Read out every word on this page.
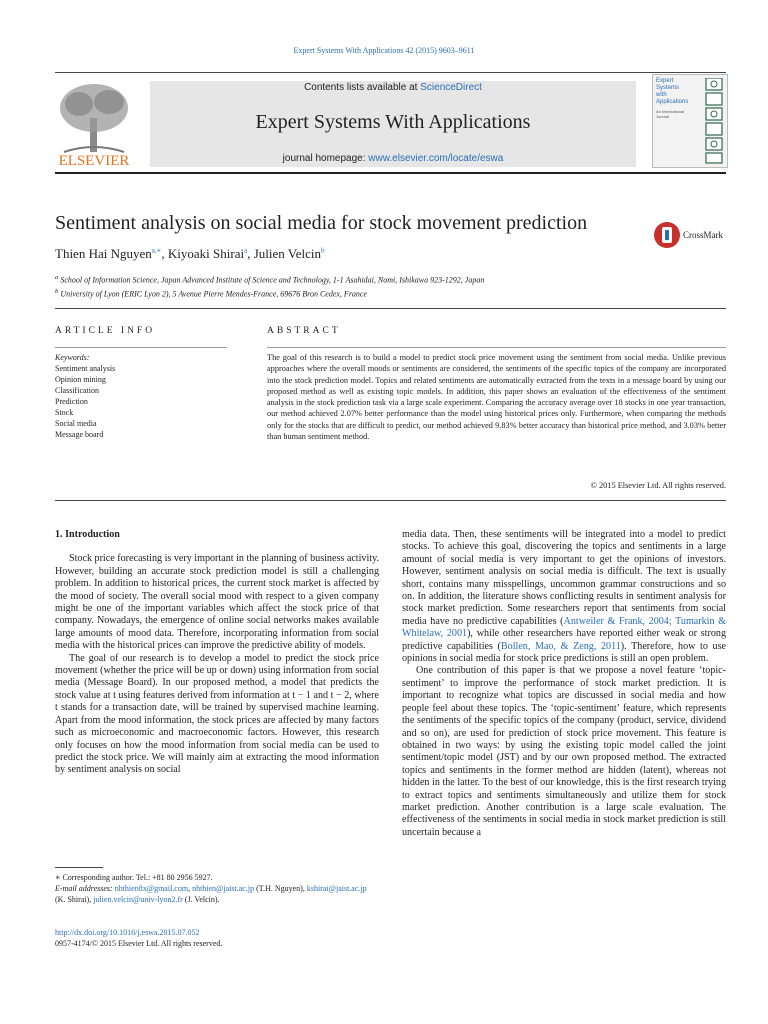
Expert Systems With Applications 42 (2015) 9603–9611
ELSEVIER
Contents lists available at ScienceDirect
Expert Systems With Applications
journal homepage: www.elsevier.com/locate/eswa
Expert
Systems
with
Applications
An International Journal
Sentiment analysis on social media for stock movement prediction
CrossMark
Thien Hai Nguyen$^{a,∗}$, Kiyoaki Shirai$^a$, Julien Velcin$^b$
$^a$ School of Information Science, Japan Advanced Institute of Science and Technology, 1-1 Asahidai, Nomi, Ishikawa 923-1292, Japan
$^b$ University of Lyon (ERIC Lyon 2), 5 Avenue Pierre Mendes-France, 69676 Bron Cedex, France
ARTICLE INFO	ABSTRACT
Keywords:
Sentiment analysis
Opinion mining
Classification
Prediction
Stock
Social media
Message board
The goal of this research is to build a model to predict stock price movement using the sentiment from social media. Unlike previous approaches where the overall moods or sentiments are considered, the sentiments of the specific topics of the company are incorporated into the stock prediction model. Topics and related sentiments are automatically extracted from the texts in a message board by using our proposed method as well as existing topic models. In addition, this paper shows an evaluation of the effectiveness of the sentiment analysis in the stock prediction task via a large scale experiment. Comparing the accuracy average over 18 stocks in one year transaction, our method achieved 2.07% better performance than the model using historical prices only. Furthermore, when comparing the methods only for the stocks that are difficult to predict, our method achieved 9.83% better accuracy than historical price method, and 3.03% better than human sentiment method.
© 2015 Elsevier Ltd. All rights reserved.

1. Introduction

Stock price forecasting is very important in the planning of business activity. However, building an accurate stock prediction model is still a challenging problem. In addition to historical prices, the current stock market is affected by the mood of society. The overall social mood with respect to a given company might be one of the important variables which affect the stock price of that company. Nowadays, the emergence of online social networks makes available large amounts of mood data. Therefore, incorporating information from social media with the historical prices can improve the predictive ability of models.

The goal of our research is to develop a model to predict the stock price movement (whether the price will be up or down) using information from social media (Message Board). In our proposed method, a model that predicts the stock value at t using features derived from information at t − 1 and t − 2, where t stands for a transaction date, will be trained by supervised machine learning. Apart from the mood information, the stock prices are affected by many factors such as microeconomic and macroeconomic factors. However, this research only focuses on how the mood information from social media can be used to predict the stock price. We will mainly aim at extracting the mood information by sentiment analysis on social

media data. Then, these sentiments will be integrated into a model to predict stocks. To achieve this goal, discovering the topics and sentiments in a large amount of social media is very important to get the opinions of investors. However, sentiment analysis on social media is difficult. The text is usually short, contains many misspellings, uncommon grammar constructions and so on. In addition, the literature shows conflicting results in sentiment analysis for stock market prediction. Some researchers report that sentiments from social media have no predictive capabilities (Antweiler & Frank, 2004; Tumarkin & Whitelaw, 2001), while other researchers have reported either weak or strong predictive capabilities (Bollen, Mao, & Zeng, 2011). Therefore, how to use opinions in social media for stock price predictions is still an open problem.

One contribution of this paper is that we propose a novel feature ‘topic-sentiment’ to improve the performance of stock market prediction. It is important to recognize what topics are discussed in social media and how people feel about these topics. The ‘topic-sentiment’ feature, which represents the sentiments of the specific topics of the company (product, service, dividend and so on), are used for prediction of stock price movement. This feature is obtained in two ways: by using the existing topic model called the joint sentiment/topic model (JST) and by our own proposed method. The extracted topics and sentiments in the former method are hidden (latent), whereas not hidden in the latter. To the best of our knowledge, this is the first research trying to extract topics and sentiments simultaneously and utilize them for stock market prediction. Another contribution is a large scale evaluation. The effectiveness of the sentiments in social media in stock market prediction is still uncertain because a

∗ Corresponding author. Tel.: +81 80 2956 5927.
E-mail addresses: nhthien8x@gmail.com, nhthien@jaist.ac.jp (T.H. Nguyen), kshirai@jaist.ac.jp (K. Shirai), julien.velcin@univ-lyon2.fr (J. Velcin).
http://dx.doi.org/10.1016/j.eswa.2015.07.052
0957-4174/© 2015 Elsevier Ltd. All rights reserved.
